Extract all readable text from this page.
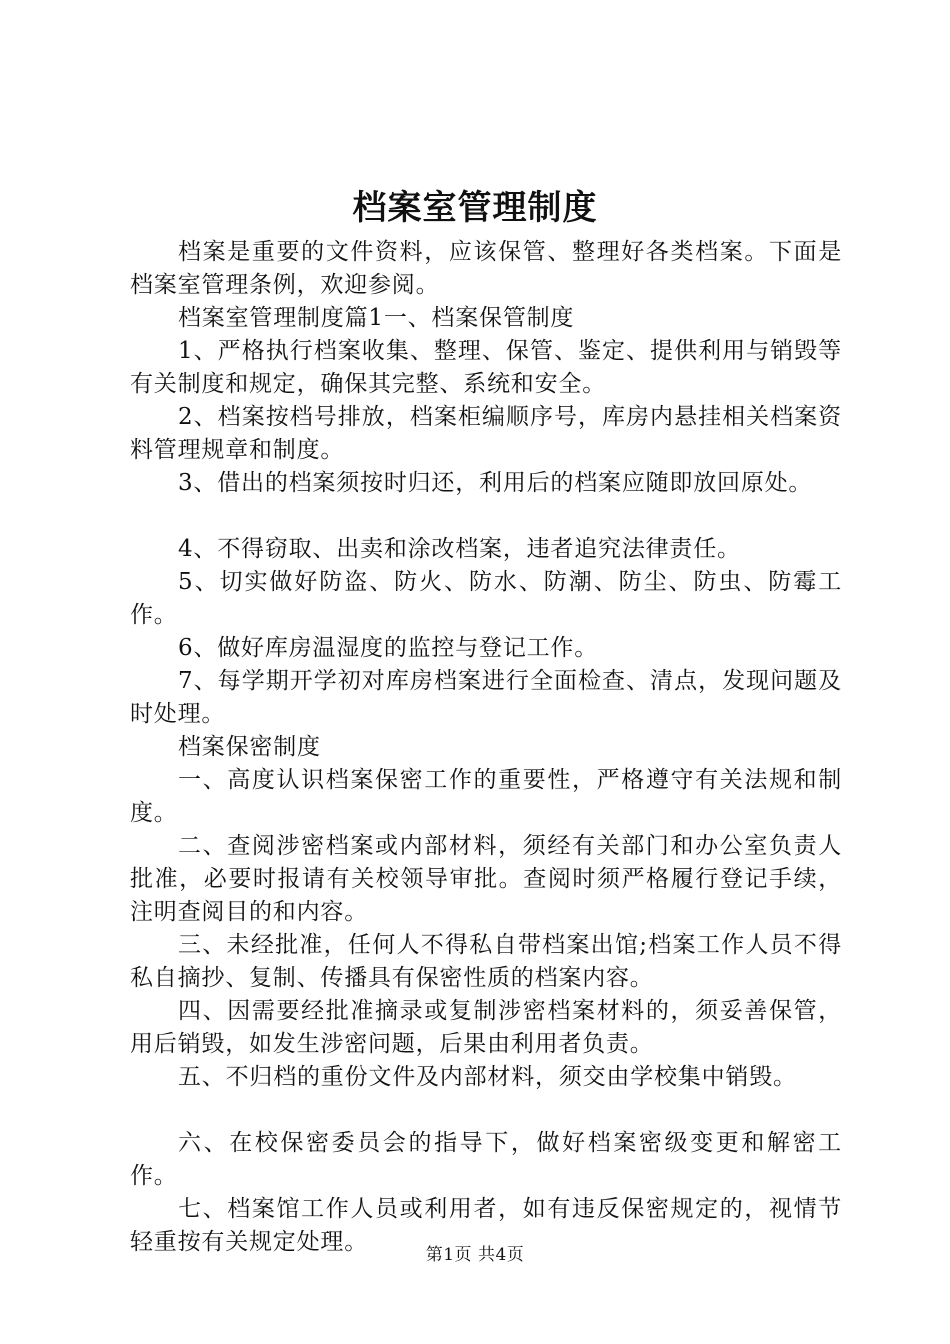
档案室管理制度

档案是重要的文件资料，应该保管、整理好各类档案。下面是档案室管理条例，欢迎参阅。

档案室管理制度篇1一、档案保管制度

1、严格执行档案收集、整理、保管、鉴定、提供利用与销毁等有关制度和规定，确保其完整、系统和安全。

2、档案按档号排放，档案柜编顺序号，库房内悬挂相关档案资料管理规章和制度。

3、借出的档案须按时归还，利用后的档案应随即放回原处。

4、不得窃取、出卖和涂改档案，违者追究法律责任。

5、切实做好防盗、防火、防水、防潮、防尘、防虫、防霉工作。

6、做好库房温湿度的监控与登记工作。

7、每学期开学初对库房档案进行全面检查、清点，发现问题及时处理。

档案保密制度

一、高度认识档案保密工作的重要性，严格遵守有关法规和制度。

二、查阅涉密档案或内部材料，须经有关部门和办公室负责人批准，必要时报请有关校领导审批。查阅时须严格履行登记手续，注明查阅目的和内容。

三、未经批准，任何人不得私自带档案出馆;档案工作人员不得私自摘抄、复制、传播具有保密性质的档案内容。

四、因需要经批准摘录或复制涉密档案材料的，须妥善保管，用后销毁，如发生涉密问题，后果由利用者负责。

五、不归档的重份文件及内部材料，须交由学校集中销毁。

六、在校保密委员会的指导下，做好档案密级变更和解密工作。

七、档案馆工作人员或利用者，如有违反保密规定的，视情节轻重按有关规定处理。	第1页 共4页
